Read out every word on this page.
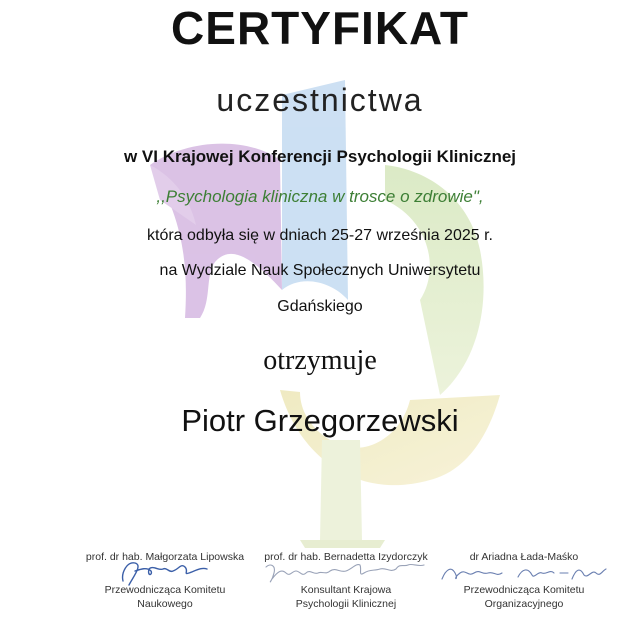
CERTYFIKAT
uczestnictwa
w VI Krajowej Konferencji Psychologii Klinicznej
,,Psychologia kliniczna w trosce o zdrowie",
która odbyła się w dniach 25-27 września 2025 r.
na Wydziale Nauk Społecznych Uniwersytetu
Gdańskiego
otrzymuje
Piotr Grzegorzewski
prof. dr hab. Małgorzata Lipowska
Przewodnicząca Komitetu
Naukowego
prof. dr hab. Bernadetta Izydorczyk
Konsultant Krajowa
Psychologii Klinicznej
dr Ariadna Łada-Maśko
Przewodnicząca Komitetu
Organizacyjnego
